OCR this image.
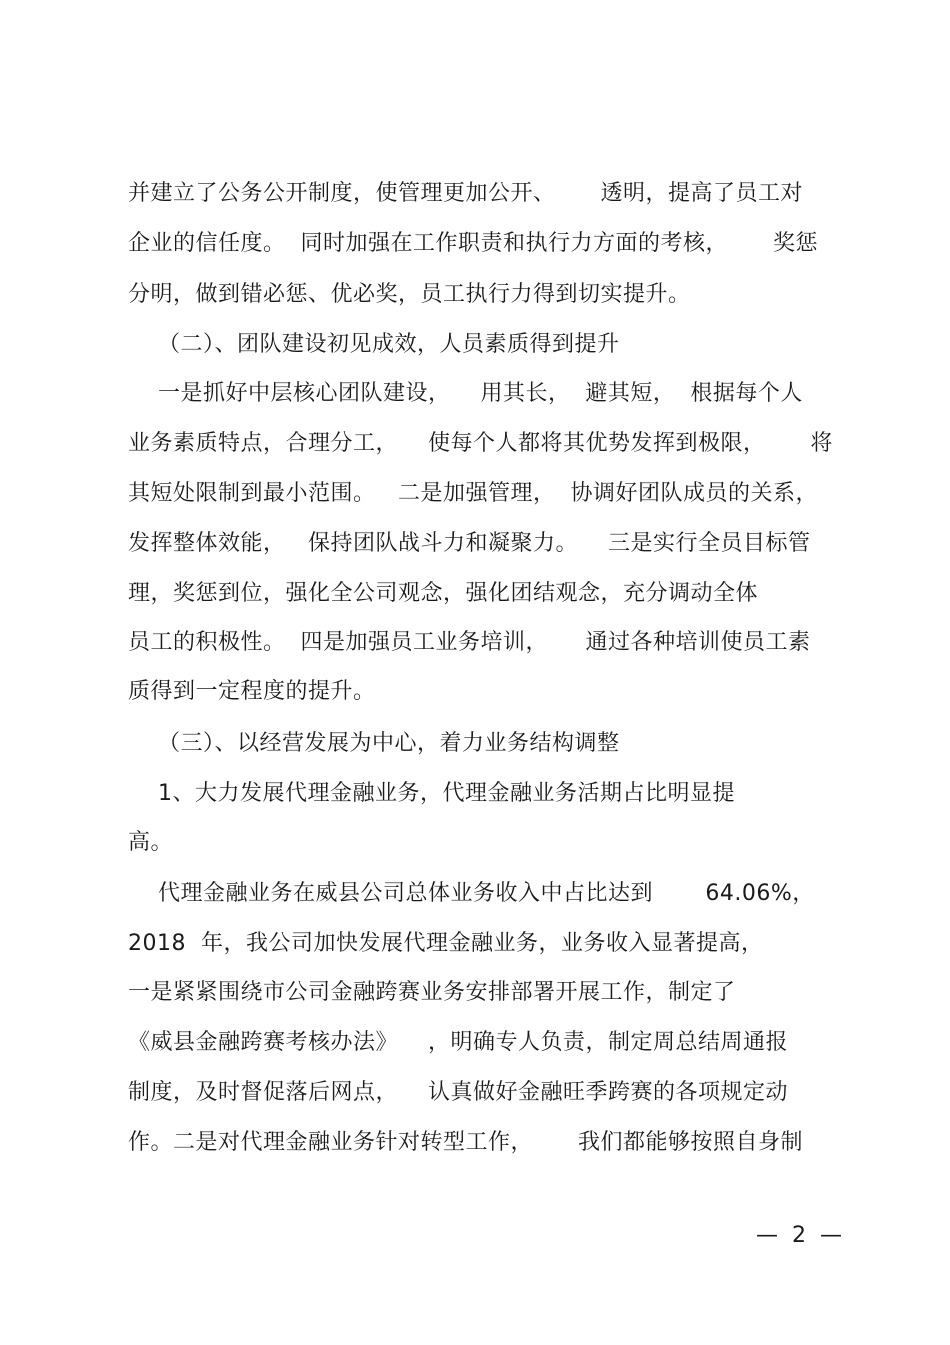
并建立了公务公开制度，使管理更加公开、      透明，提高了员工对
企业的信任度。  同时加强在工作职责和执行力方面的考核，      奖惩
分明，做到错必惩、优必奖，员工执行力得到切实提升。
（二）、团队建设初见成效，人员素质得到提升
一是抓好中层核心团队建设，    用其长，  避其短，  根据每个人
业务素质特点，合理分工，    使每个人都将其优势发挥到极限，      将
其短处限制到最小范围。   二是加强管理，  协调好团队成员的关系，
发挥整体效能，   保持团队战斗力和凝聚力。    三是实行全员目标管
理，奖惩到位，强化全公司观念，强化团结观念，充分调动全体
员工的积极性。  四是加强员工业务培训，     通过各种培训使员工素
质得到一定程度的提升。
（三）、以经营发展为中心，着力业务结构调整
1、大力发展代理金融业务，代理金融业务活期占比明显提
高。
代理金融业务在威县公司总体业务收入中占比达到       64.06%，
2018  年，我公司加快发展代理金融业务，业务收入显著提高，
一是紧紧围绕市公司金融跨赛业务安排部署开展工作，制定了
《威县金融跨赛考核办法》    ，明确专人负责，制定周总结周通报
制度，及时督促落后网点，    认真做好金融旺季跨赛的各项规定动
作。二是对代理金融业务针对转型工作，      我们都能够按照自身制
—  2  —
